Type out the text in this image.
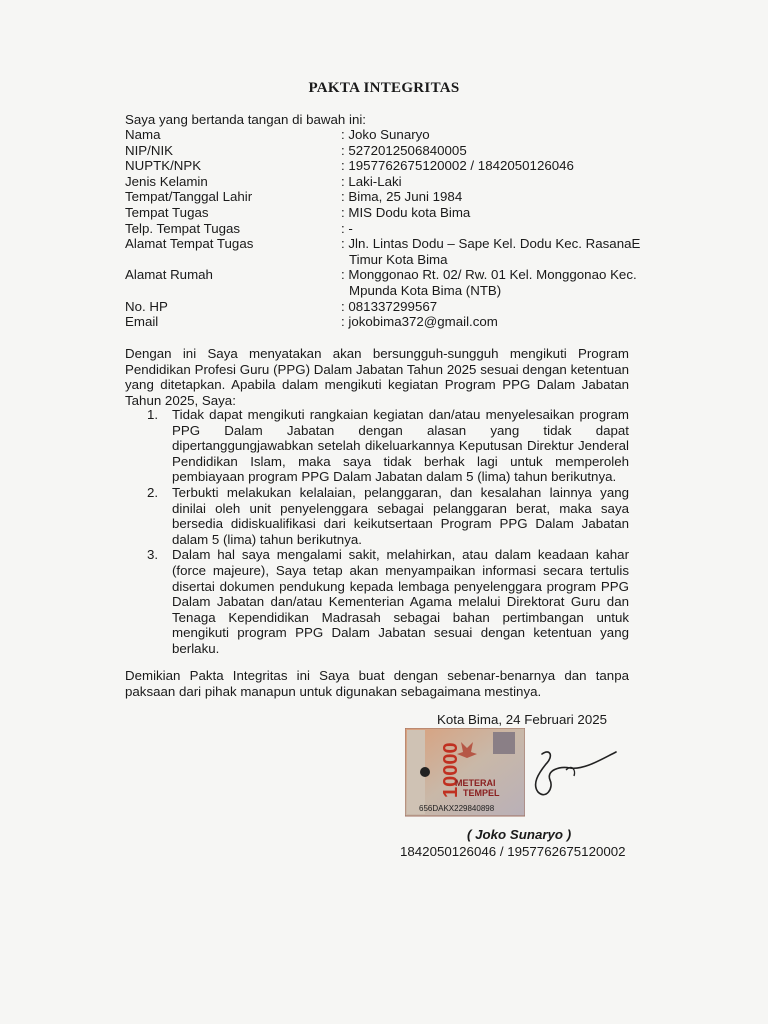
PAKTA INTEGRITAS
Saya yang bertanda tangan di bawah ini:
Nama	: Joko Sunaryo
NIP/NIK	: 5272012506840005
NUPTK/NPK	: 1957762675120002 / 1842050126046
Jenis Kelamin	: Laki-Laki
Tempat/Tanggal Lahir	: Bima, 25 Juni 1984
Tempat Tugas	: MIS Dodu kota Bima
Telp. Tempat Tugas	: -
Alamat Tempat Tugas	: Jln. Lintas Dodu – Sape Kel. Dodu Kec. RasanaE
Timur Kota Bima
Alamat Rumah	: Monggonao Rt. 02/ Rw. 01 Kel. Monggonao Kec.
Mpunda Kota Bima (NTB)
No. HP	: 081337299567
Email	: jokobima372@gmail.com
Dengan ini Saya menyatakan akan bersungguh-sungguh mengikuti Program Pendidikan Profesi Guru (PPG) Dalam Jabatan Tahun 2025 sesuai dengan ketentuan yang ditetapkan. Apabila dalam mengikuti kegiatan Program PPG Dalam Jabatan Tahun 2025, Saya:
1.	Tidak dapat mengikuti rangkaian kegiatan dan/atau menyelesaikan program PPG Dalam Jabatan dengan alasan yang tidak dapat dipertanggungjawabkan setelah dikeluarkannya Keputusan Direktur Jenderal Pendidikan Islam, maka saya tidak berhak lagi untuk memperoleh pembiayaan program PPG Dalam Jabatan dalam 5 (lima) tahun berikutnya.
2.	Terbukti melakukan kelalaian, pelanggaran, dan kesalahan lainnya yang dinilai oleh unit penyelenggara sebagai pelanggaran berat, maka saya bersedia didiskualifikasi dari keikutsertaan Program PPG Dalam Jabatan dalam 5 (lima) tahun berikutnya.
3.	Dalam hal saya mengalami sakit, melahirkan, atau dalam keadaan kahar (force majeure), Saya tetap akan menyampaikan informasi secara tertulis disertai dokumen pendukung kepada lembaga penyelenggara program PPG Dalam Jabatan dan/atau Kementerian Agama melalui Direktorat Guru dan Tenaga Kependidikan Madrasah sebagai bahan pertimbangan untuk mengikuti program PPG Dalam Jabatan sesuai dengan ketentuan yang berlaku.
Demikian Pakta Integritas ini Saya buat dengan sebenar-benarnya dan tanpa paksaan dari pihak manapun untuk digunakan sebagaimana mestinya.
Kota Bima, 24 Februari 2025
10000
METERAI
TEMPEL
656DAKX229840898
( Joko Sunaryo )
1842050126046 / 1957762675120002
